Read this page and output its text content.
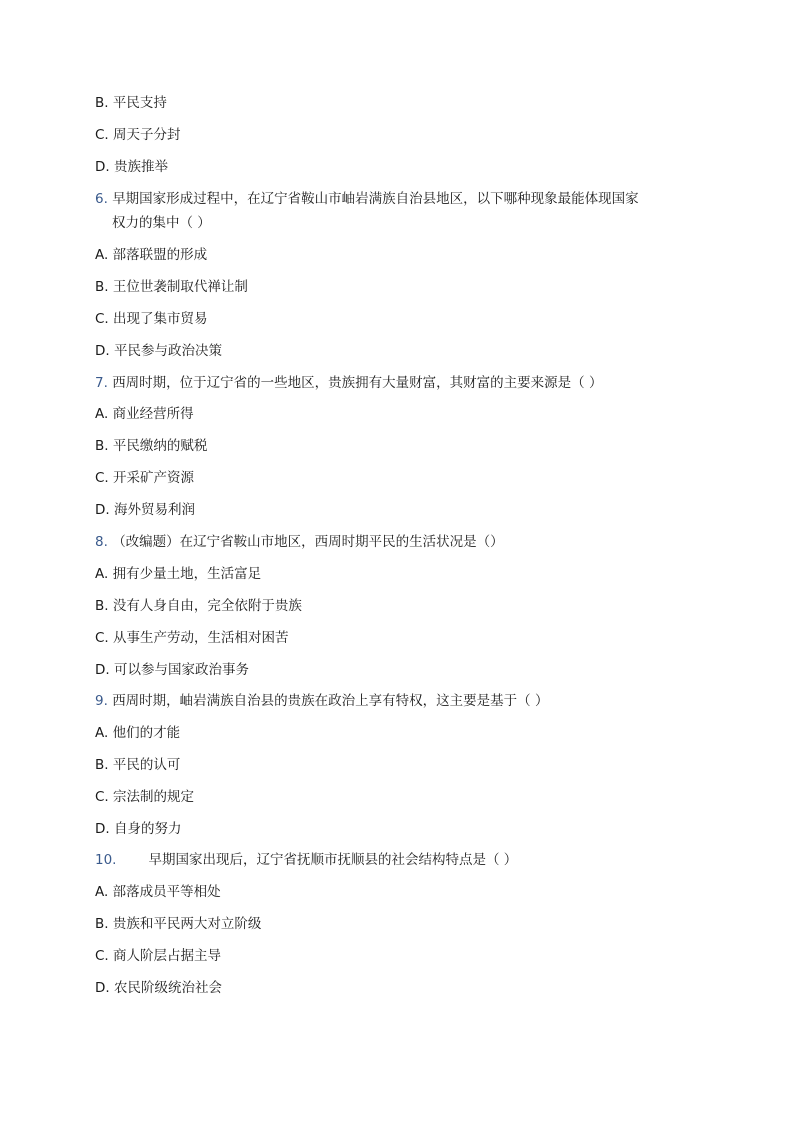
B. 平民支持
C. 周天子分封
D. 贵族推举
6. 早期国家形成过程中，在辽宁省鞍山市岫岩满族自治县地区，以下哪种现象最能体现国家
权力的集中（ ）
A. 部落联盟的形成
B. 王位世袭制取代禅让制
C. 出现了集市贸易
D. 平民参与政治决策
7. 西周时期，位于辽宁省的一些地区，贵族拥有大量财富，其财富的主要来源是（ ）
A. 商业经营所得
B. 平民缴纳的赋税
C. 开采矿产资源
D. 海外贸易利润
8. （改编题）在辽宁省鞍山市地区，西周时期平民的生活状况是（）
A. 拥有少量土地，生活富足
B. 没有人身自由，完全依附于贵族
C. 从事生产劳动，生活相对困苦
D. 可以参与国家政治事务
9. 西周时期，岫岩满族自治县的贵族在政治上享有特权，这主要是基于（ ）
A. 他们的才能
B. 平民的认可
C. 宗法制的规定
D. 自身的努力
10. 早期国家出现后，辽宁省抚顺市抚顺县的社会结构特点是（ ）
A. 部落成员平等相处
B. 贵族和平民两大对立阶级
C. 商人阶层占据主导
D. 农民阶级统治社会
